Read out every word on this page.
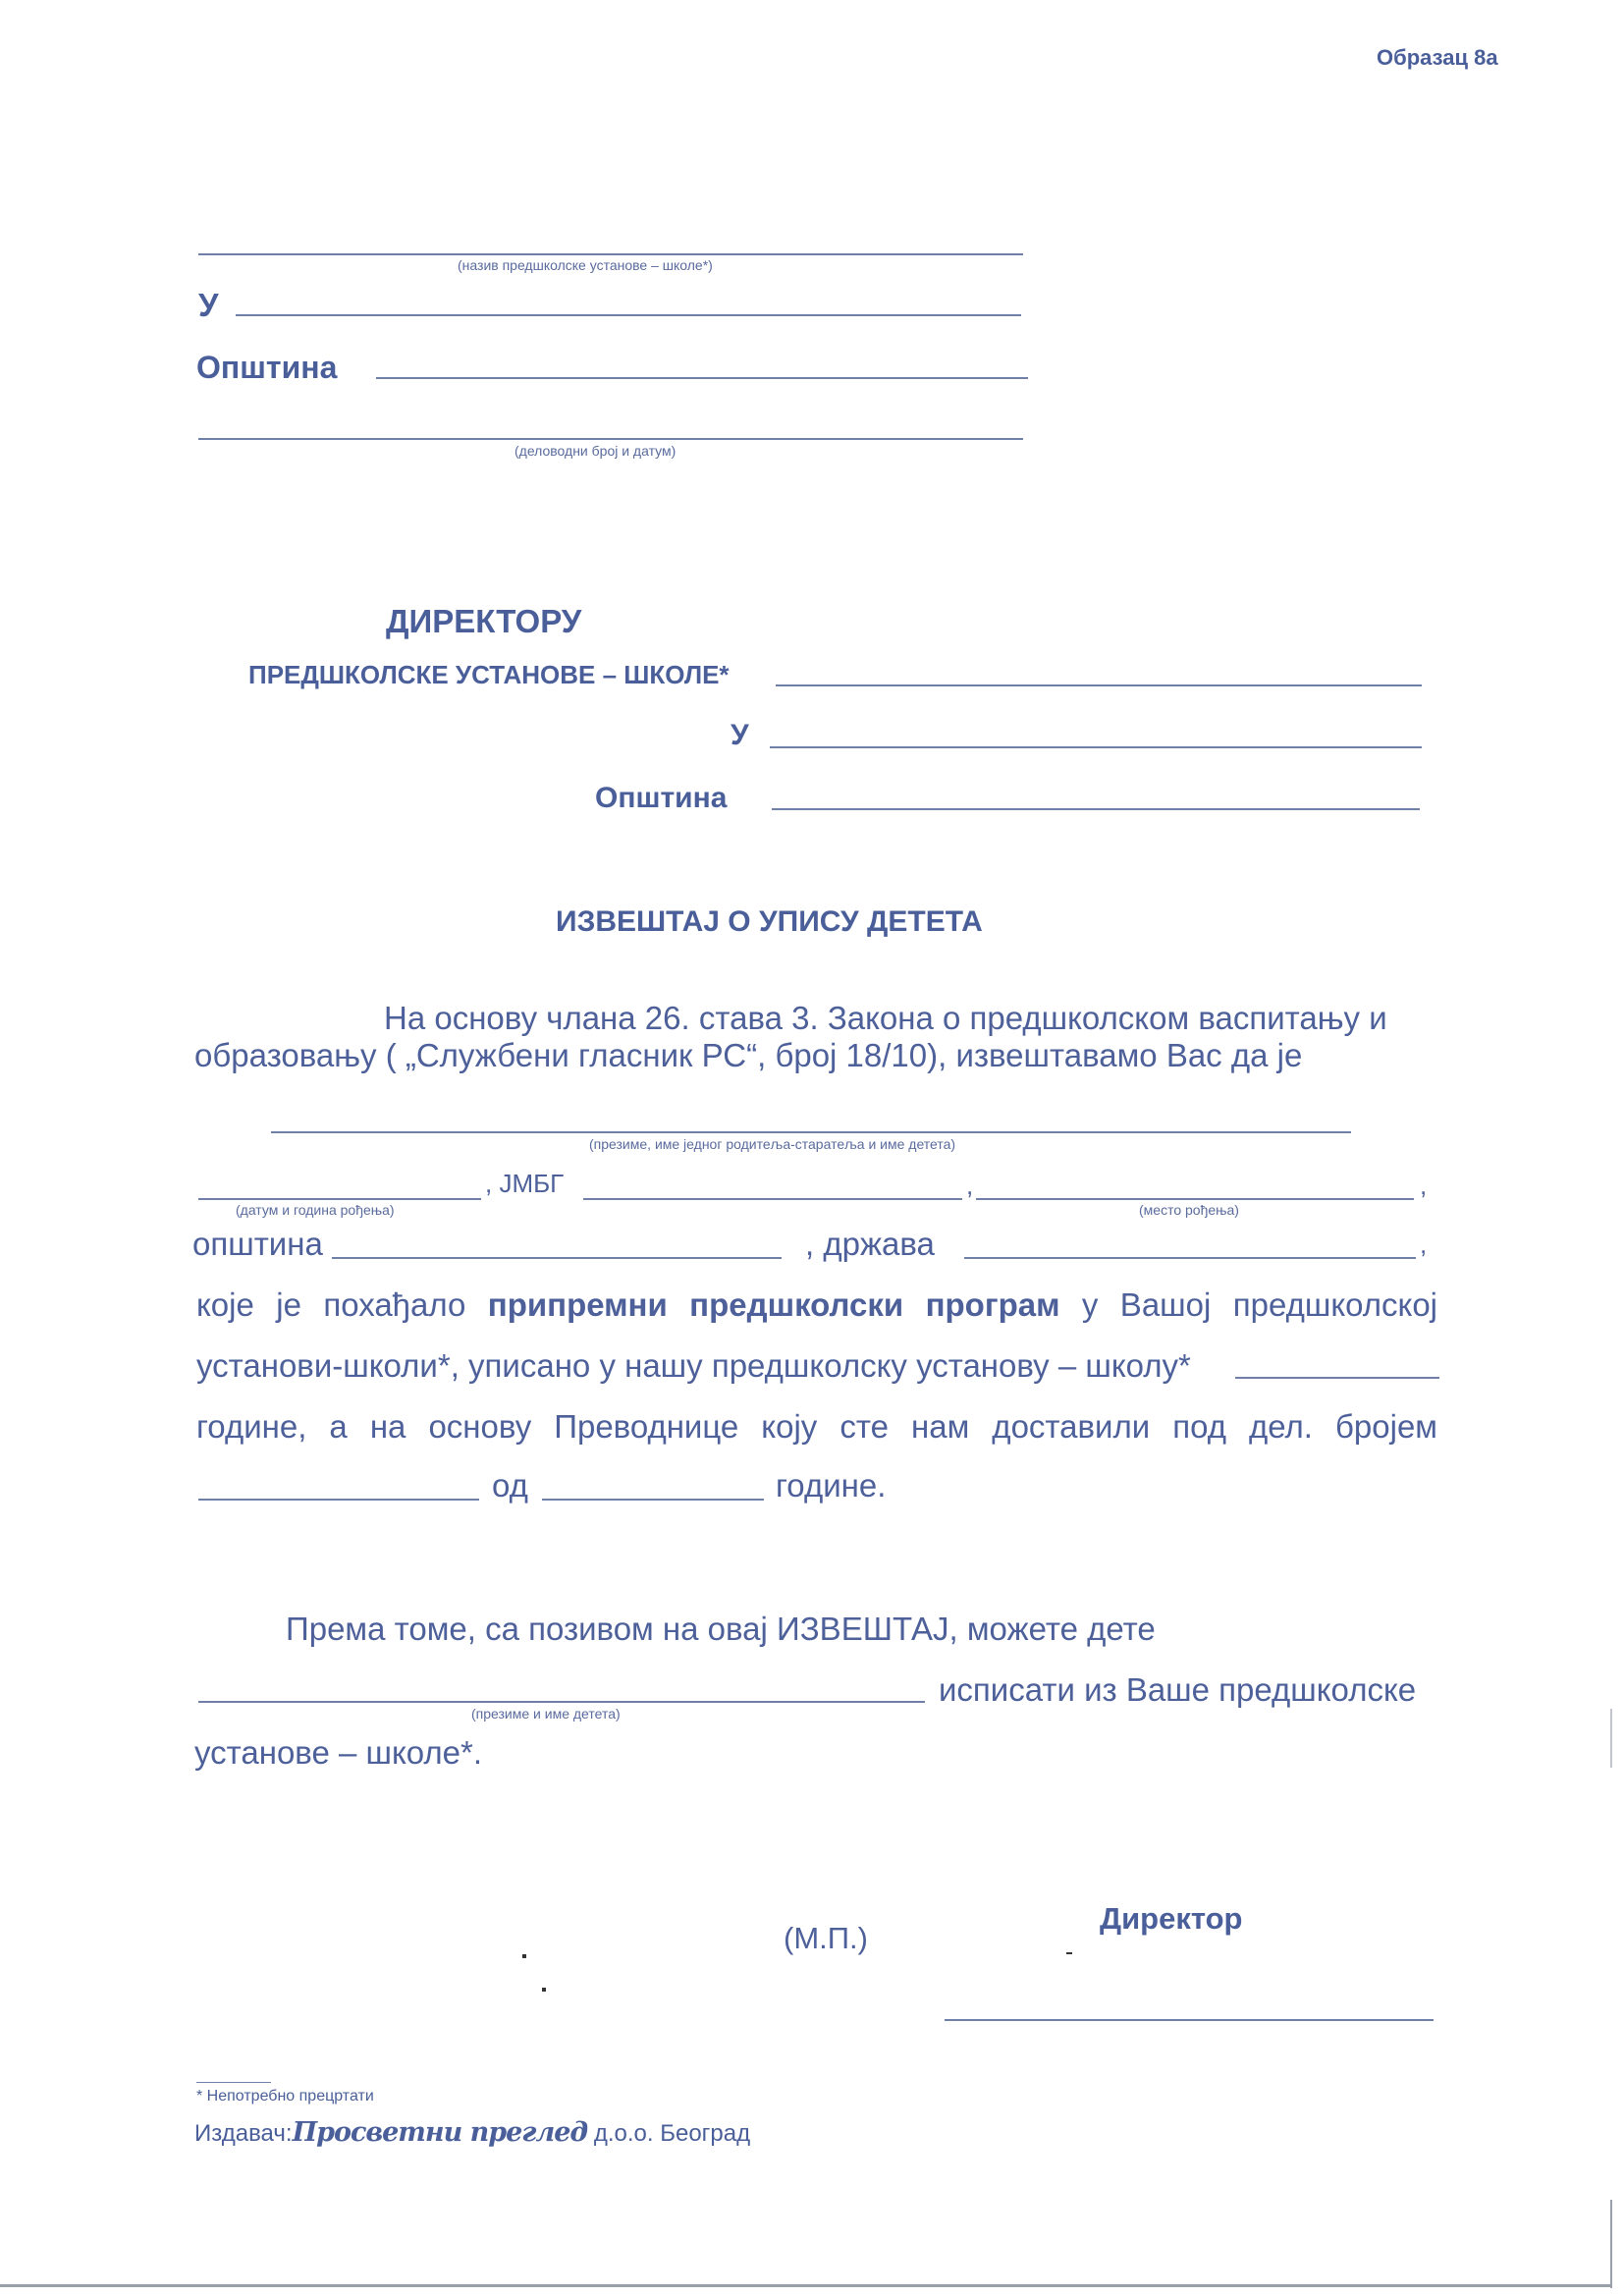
Образац 8а
(назив предшколске установе – школе*)
У
Општина
(деловодни број и датум)
ДИРЕКТОРУ
ПРЕДШКОЛСКЕ УСТАНОВЕ – ШКОЛЕ*
У
Општина
ИЗВЕШТАЈ О УПИСУ ДЕТЕТА
На основу члана 26. става 3. Закона о предшколском васпитању и
образовању ( „Службени гласник РС“, број 18/10), извештавамо Вас да је
(презиме, име једног родитеља-старатеља и име детета)
, ЈМБГ	,	,
(датум и година рођења)	(место рођења)
општина	, држава	,
које је похађало припремни предшколски програм у Вашој предшколској
установи-школи*, уписано у нашу предшколску установу – школу*
године, а на основу Преводнице коју сте нам доставили под дел. бројем
од	године.
Према томе, са позивом на овај ИЗВЕШТАЈ, можете дете
исписати из Ваше предшколске
(презиме и име детета)
установе – школе*.
(М.П.)
Директор
* Непотребно прецртати
Издавач:Просветни преглед д.о.о. Београд
